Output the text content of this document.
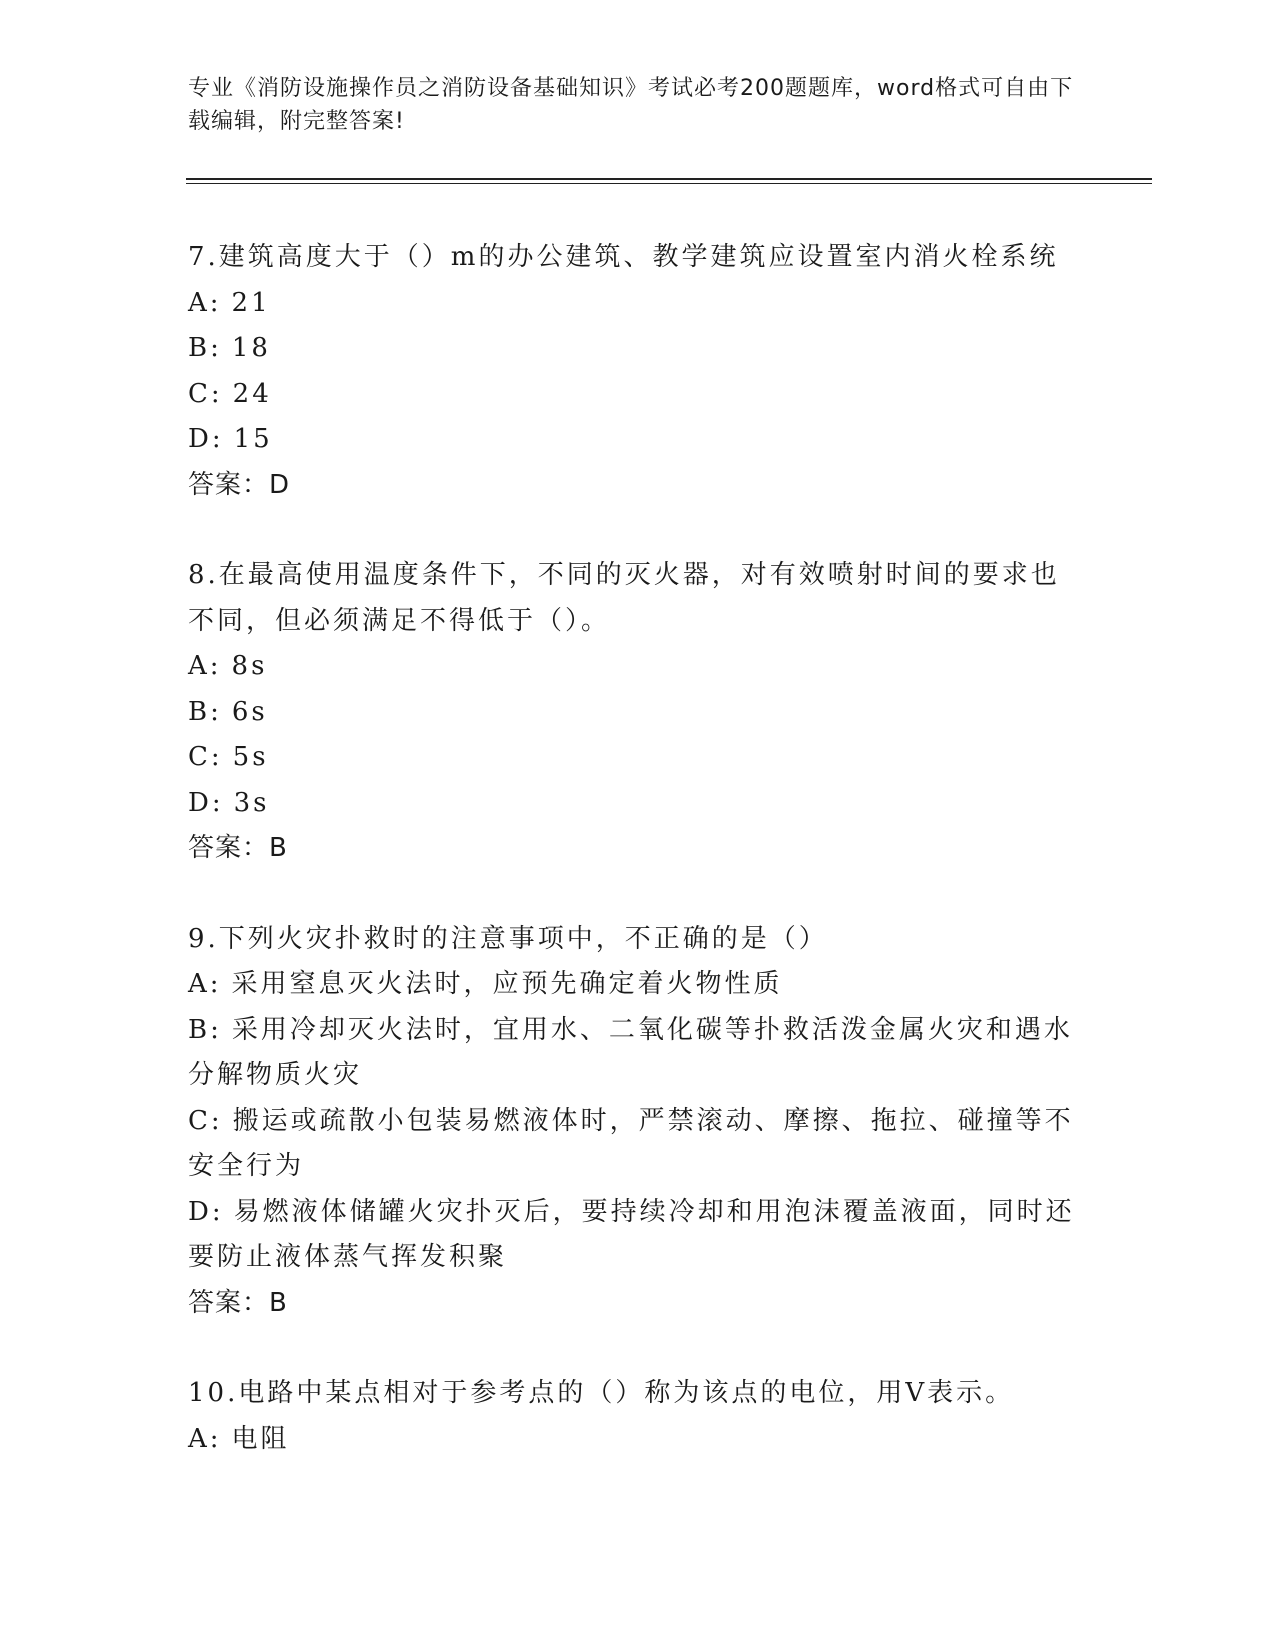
专业《消防设施操作员之消防设备基础知识》考试必考200题题库，word格式可自由下载编辑，附完整答案!

7.建筑高度大于（）m的办公建筑、教学建筑应设置室内消火栓系统

A: 21

B: 18

C: 24

D: 15

答案：D

8.在最高使用温度条件下，不同的灭火器，对有效喷射时间的要求也不同，但必须满足不得低于（）。

A: 8s

B: 6s

C: 5s

D: 3s

答案：B

9.下列火灾扑救时的注意事项中，不正确的是（）

A: 采用窒息灭火法时，应预先确定着火物性质

B: 采用冷却灭火法时，宜用水、二氧化碳等扑救活泼金属火灾和遇水分解物质火灾

C: 搬运或疏散小包装易燃液体时，严禁滚动、摩擦、拖拉、碰撞等不安全行为

D: 易燃液体储罐火灾扑灭后，要持续冷却和用泡沫覆盖液面，同时还要防止液体蒸气挥发积聚

答案：B

10.电路中某点相对于参考点的（）称为该点的电位，用V表示。

A: 电阻
